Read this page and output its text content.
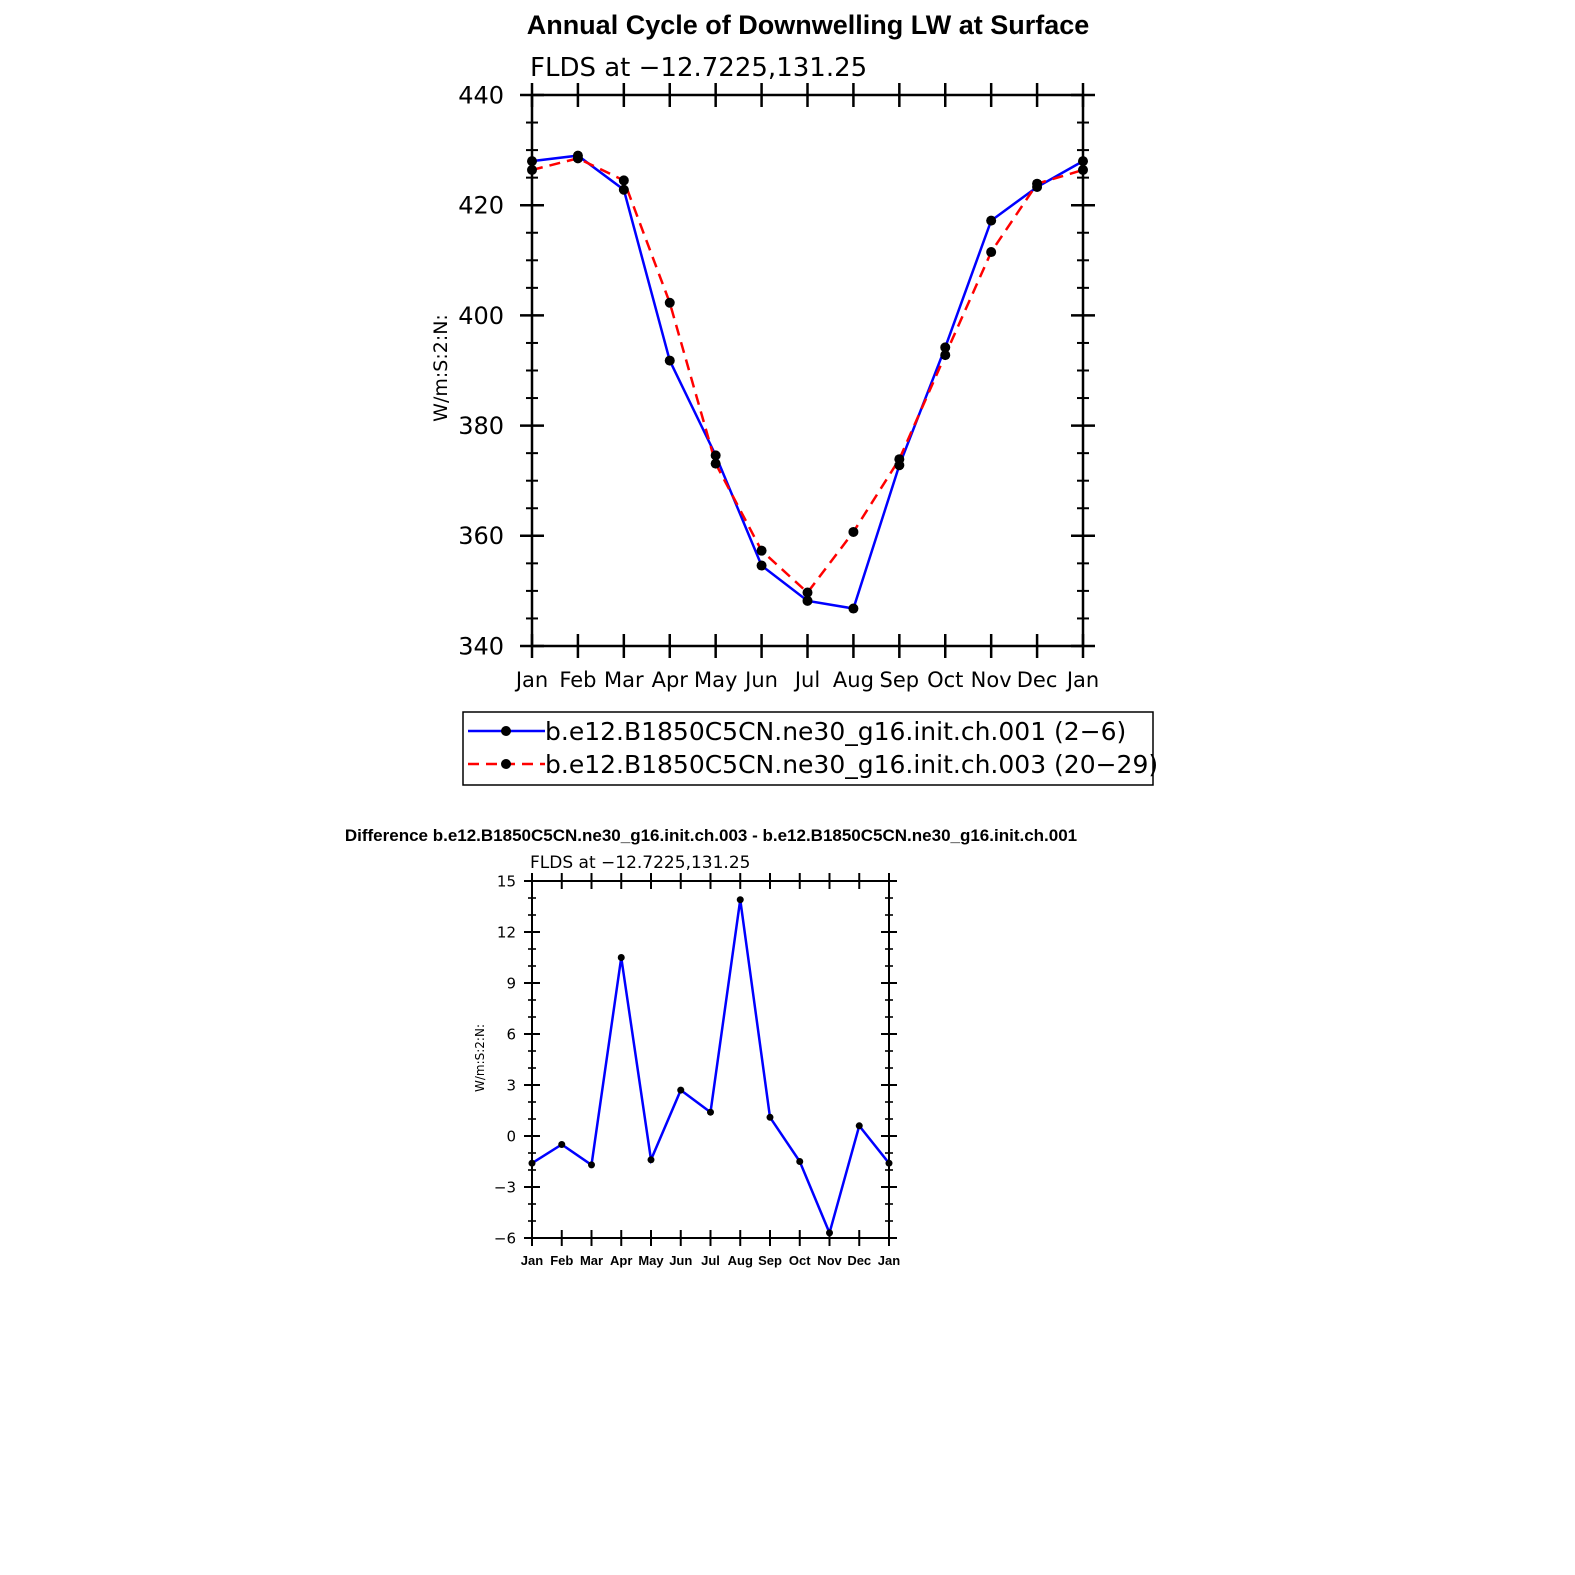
Annual Cycle of Downwelling LW at Surface
FLDS at −12.7225,131.25
W/m:S:2:N:
340
360
380
400
420
440
Jan Feb Mar Apr May Jun Jul Aug Sep Oct Nov Dec Jan
b.e12.B1850C5CN.ne30_g16.init.ch.001 (2−6)
b.e12.B1850C5CN.ne30_g16.init.ch.003 (20−29)
Difference b.e12.B1850C5CN.ne30_g16.init.ch.003 - b.e12.B1850C5CN.ne30_g16.init.ch.001
FLDS at −12.7225,131.25
W/m:S:2:N:
−6
−3
0
3
6
9
12
15
Jan Feb Mar Apr May Jun Jul Aug Sep Oct Nov Dec Jan
